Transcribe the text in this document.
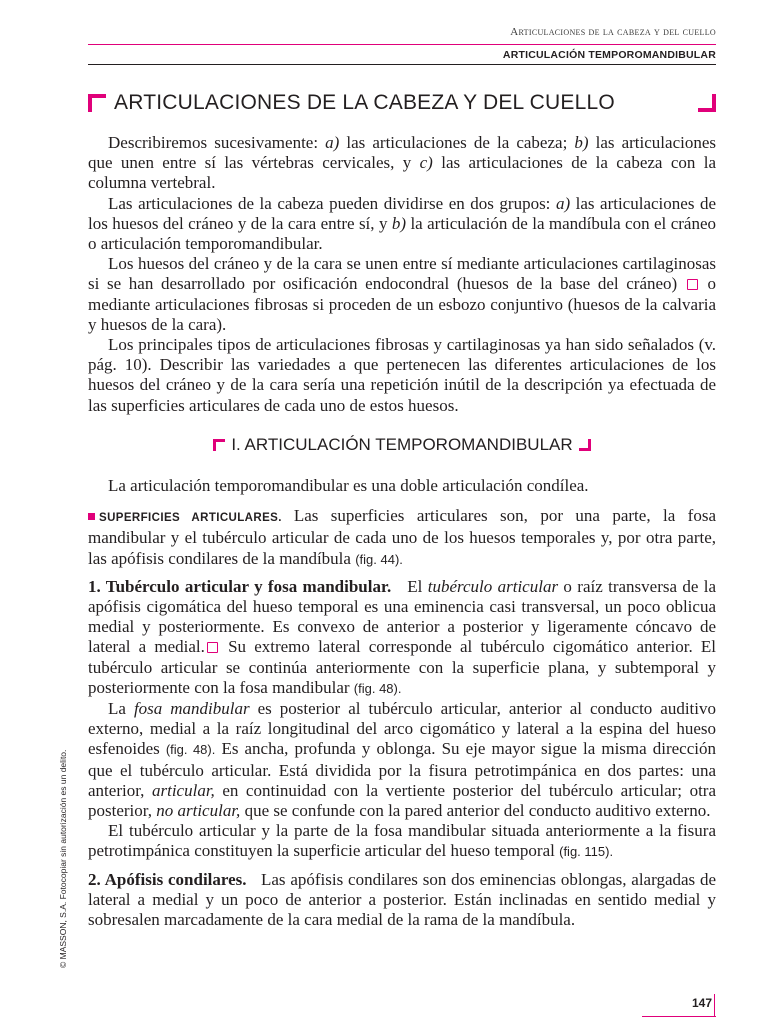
Articulaciones de la cabeza y del cuello
ARTICULACIÓN TEMPOROMANDIBULAR
ARTICULACIONES DE LA CABEZA Y DEL CUELLO

Describiremos sucesivamente: a) las articulaciones de la cabeza; b) las articulaciones que unen entre sí las vértebras cervicales, y c) las articulaciones de la cabeza con la columna vertebral.

Las articulaciones de la cabeza pueden dividirse en dos grupos: a) las articulaciones de los huesos del cráneo y de la cara entre sí, y b) la articulación de la mandíbula con el cráneo o articulación temporomandibular.

Los huesos del cráneo y de la cara se unen entre sí mediante articulaciones cartilaginosas si se han desarrollado por osificación endocondral (huesos de la base del cráneo)  o mediante articulaciones fibrosas si proceden de un esbozo conjuntivo (huesos de la calvaria y huesos de la cara).

Los principales tipos de articulaciones fibrosas y cartilaginosas ya han sido señalados (v. pág. 10). Describir las variedades a que pertenecen las diferentes articulaciones de los huesos del cráneo y de la cara sería una repetición inútil de la descripción ya efectuada de las superficies articulares de cada uno de estos huesos.

I. ARTICULACIÓN TEMPOROMANDIBULAR

La articulación temporomandibular es una doble articulación condílea.

SUPERFICIES ARTICULARES. Las superficies articulares son, por una parte, la fosa mandibular y el tubérculo articular de cada uno de los huesos temporales y, por otra parte, las apófisis condilares de la mandíbula (fig. 44).

1. Tubérculo articular y fosa mandibular. El tubérculo articular o raíz transversa de la apófisis cigomática del hueso temporal es una eminencia casi transversal, un poco oblicua medial y posteriormente. Es convexo de anterior a posterior y ligeramente cóncavo de lateral a medial. Su extremo lateral corresponde al tubérculo cigomático anterior. El tubérculo articular se continúa anteriormente con la superficie plana, y subtemporal y posteriormente con la fosa mandibular (fig. 48).

La fosa mandibular es posterior al tubérculo articular, anterior al conducto auditivo externo, medial a la raíz longitudinal del arco cigomático y lateral a la espina del hueso esfenoides (fig. 48). Es ancha, profunda y oblonga. Su eje mayor sigue la misma dirección que el tubérculo articular. Está dividida por la fisura petrotimpánica en dos partes: una anterior, articular, en continuidad con la vertiente posterior del tubérculo articular; otra posterior, no articular, que se confunde con la pared anterior del conducto auditivo externo.

El tubérculo articular y la parte de la fosa mandibular situada anteriormente a la fisura petrotimpánica constituyen la superficie articular del hueso temporal (fig. 115).

2. Apófisis condilares. Las apófisis condilares son dos eminencias oblongas, alargadas de lateral a medial y un poco de anterior a posterior. Están inclinadas en sentido medial y sobresalen marcadamente de la cara medial de la rama de la mandíbula.

© MASSON, S.A. Fotocopiar sin autorización es un delito.
147
